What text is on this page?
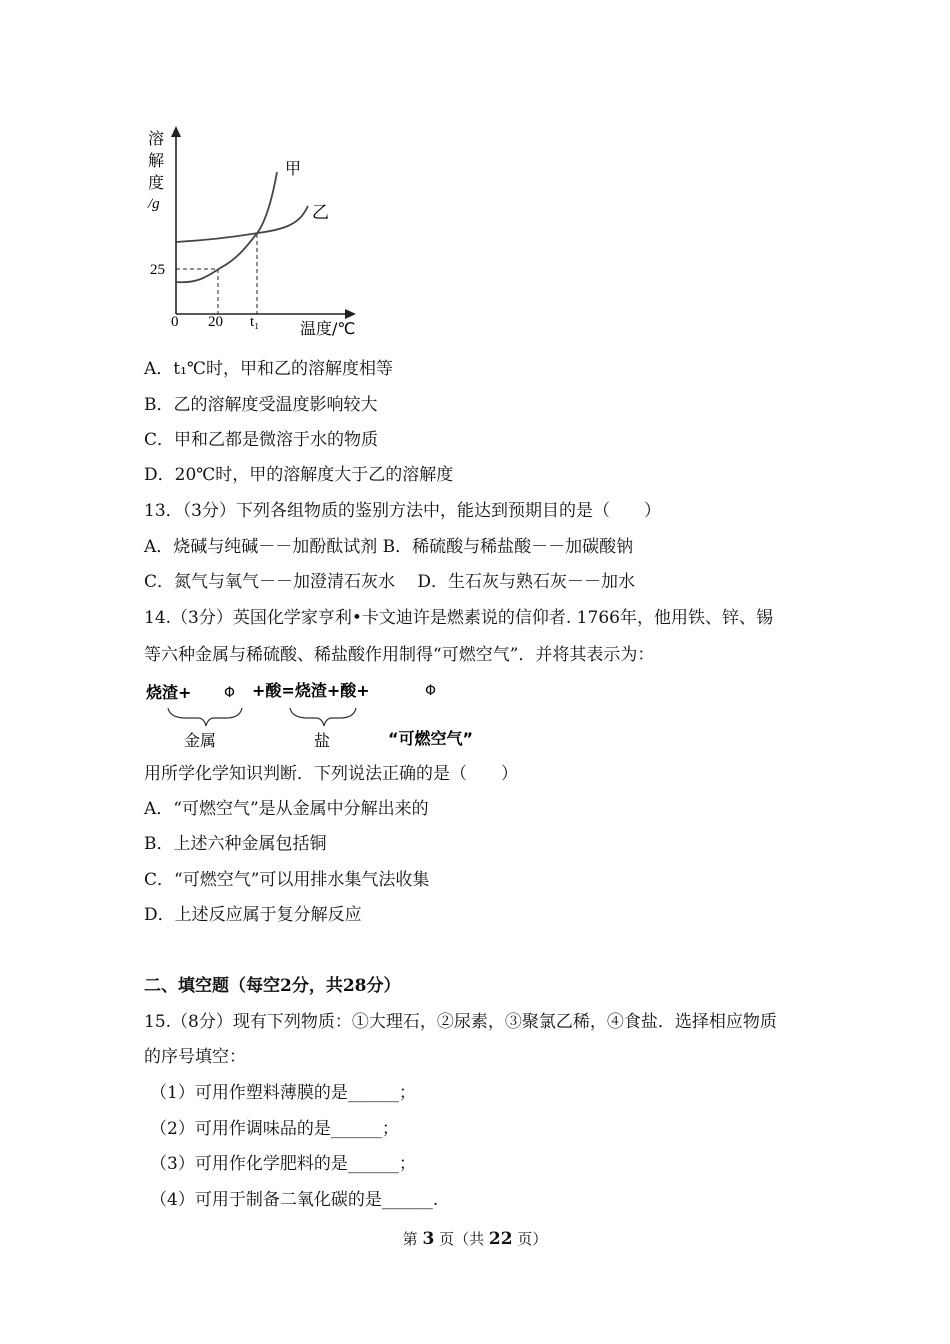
溶
解
度
/g
25
0 20 t₁	温度/℃
甲
乙
A．t₁℃时，甲和乙的溶解度相等
B．乙的溶解度受温度影响较大
C．甲和乙都是微溶于水的物质
D．20℃时，甲的溶解度大于乙的溶解度
13．（3分）下列各组物质的鉴别方法中，能达到预期目的是（　　）
A．烧碱与纯碱－－加酚酞试剂 B．稀硫酸与稀盐酸－－加碳酸钠
C．氮气与氧气－－加澄清石灰水　 D．生石灰与熟石灰－－加水
14.（3分）英国化学家亨利•卡文迪许是燃素说的信仰者. 1766年，他用铁、锌、锡
等六种金属与稀硫酸、稀盐酸作用制得“可燃空气”．并将其表示为：
烧渣+ Φ +酸=烧渣+酸+	Φ
金属	盐	“可燃空气”
用所学化学知识判断．下列说法正确的是（　　）
A．“可燃空气”是从金属中分解出来的
B．上述六种金属包括铜
C．“可燃空气”可以用排水集气法收集
D．上述反应属于复分解反应
二、填空题（每空2分，共28分）
15.（8分）现有下列物质：①大理石，②尿素，③聚氯乙稀，④食盐．选择相应物质
的序号填空：
（1）可用作塑料薄膜的是______；
（2）可用作调味品的是______；
（3）可用作化学肥料的是______；
（4）可用于制备二氧化碳的是______.
第 3 页（共 22 页）
